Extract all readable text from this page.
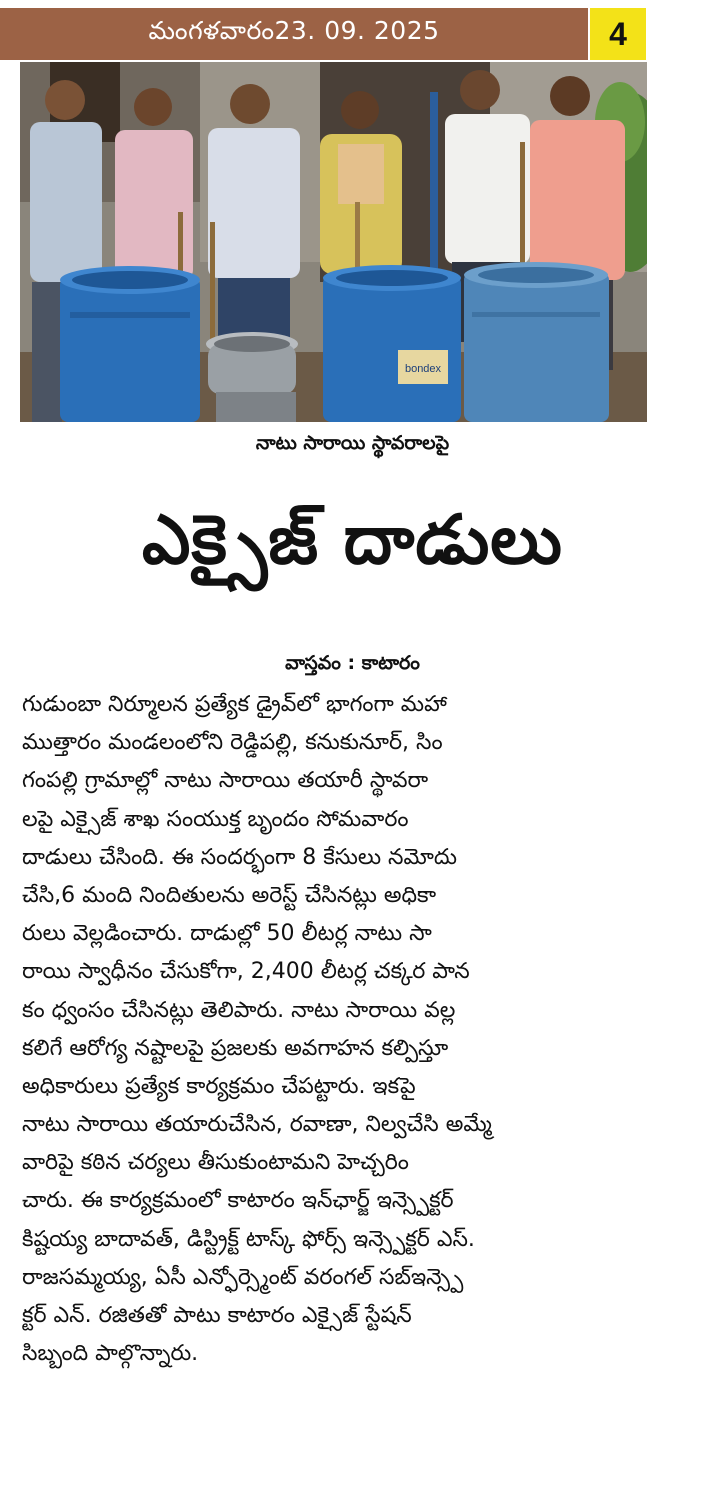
మంగళవారం23. 09. 2025	4
bondex
నాటు సారాయి స్థావరాలపై
ఎక్సైజ్ దాడులు
వాస్తవం : కాటారం
గుడుంబా నిర్మూలన ప్రత్యేక డ్రైవ్‌లో భాగంగా మహా
ముత్తారం మండలంలోని రెడ్డిపల్లి, కనుకునూర్, సిం
గంపల్లి గ్రామాల్లో నాటు సారాయి తయారీ స్థావరా
లపై ఎక్సైజ్ శాఖ సంయుక్త బృందం సోమవారం
దాడులు చేసింది. ఈ సందర్భంగా 8 కేసులు నమోదు
చేసి,6 మంది నిందితులను అరెస్ట్ చేసినట్లు అధికా
రులు వెల్లడించారు. దాడుల్లో 50 లీటర్ల నాటు సా
రాయి స్వాధీనం చేసుకోగా, 2,400 లీటర్ల చక్కర పాన
కం ధ్వంసం చేసినట్లు తెలిపారు. నాటు సారాయి వల్ల
కలిగే ఆరోగ్య నష్టాలపై ప్రజలకు అవగాహన కల్పిస్తూ
అధికారులు ప్రత్యేక కార్యక్రమం చేపట్టారు. ఇకపై
నాటు సారాయి తయారుచేసిన, రవాణా, నిల్వచేసి అమ్మే
వారిపై కఠిన చర్యలు తీసుకుంటామని హెచ్చరిం
చారు. ఈ కార్యక్రమంలో కాటారం ఇన్‌ఛార్జ్ ఇన్స్పెక్టర్
కిష్టయ్య బాదావత్, డిస్ట్రిక్ట్ టాస్క్ ఫోర్స్ ఇన్స్పెక్టర్ ఎస్.
రాజసమ్మయ్య, ఏసీ ఎన్ఫోర్స్మెంట్ వరంగల్ సబ్ఇన్స్పె
క్టర్ ఎన్. రజితతో పాటు కాటారం ఎక్సైజ్ స్టేషన్
సిబ్బంది పాల్గొన్నారు.
